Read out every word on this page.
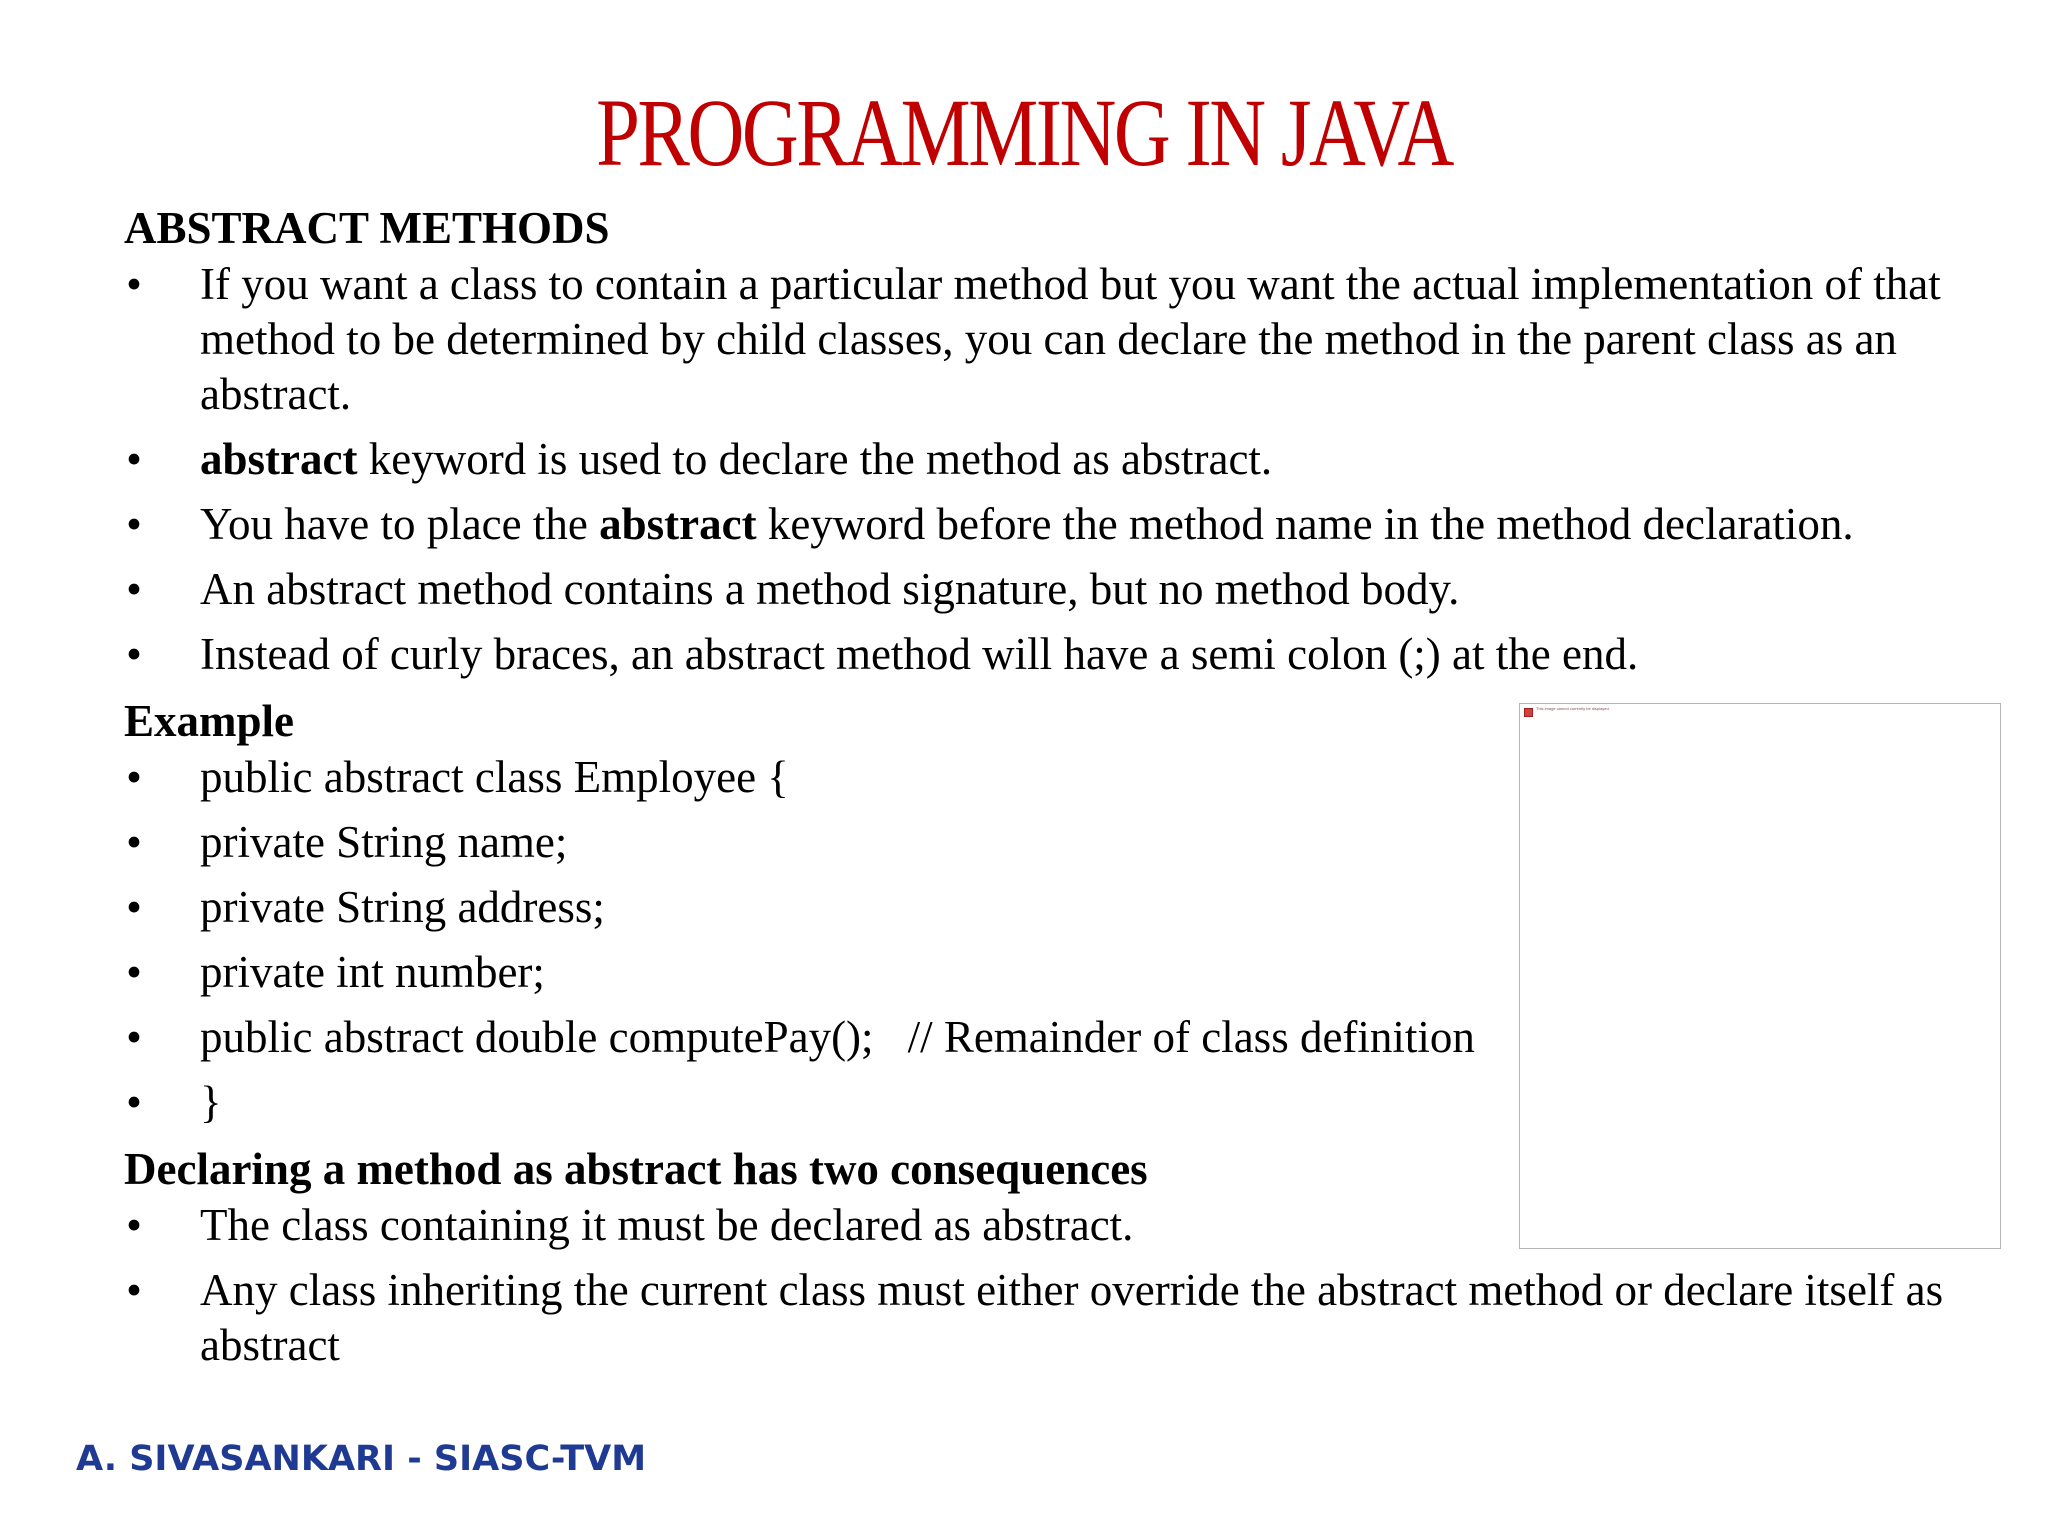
PROGRAMMING IN JAVA
ABSTRACT METHODS
• If you want a class to contain a particular method but you want the actual implementation of that method to be determined by child classes, you can declare the method in the parent class as an abstract.
• abstract keyword is used to declare the method as abstract.
• You have to place the abstract keyword before the method name in the method declaration.
• An abstract method contains a method signature, but no method body.
• Instead of curly braces, an abstract method will have a semi colon (;) at the end.
Example
• public abstract class Employee {
• private String name;
• private String address;
• private int number;
• public abstract double computePay(); // Remainder of class definition
• }
Declaring a method as abstract has two consequences
• The class containing it must be declared as abstract.
• Any class inheriting the current class must either override the abstract method or declare itself as abstract
This image cannot currently be displayed.
A. SIVASANKARI - SIASC-TVM
